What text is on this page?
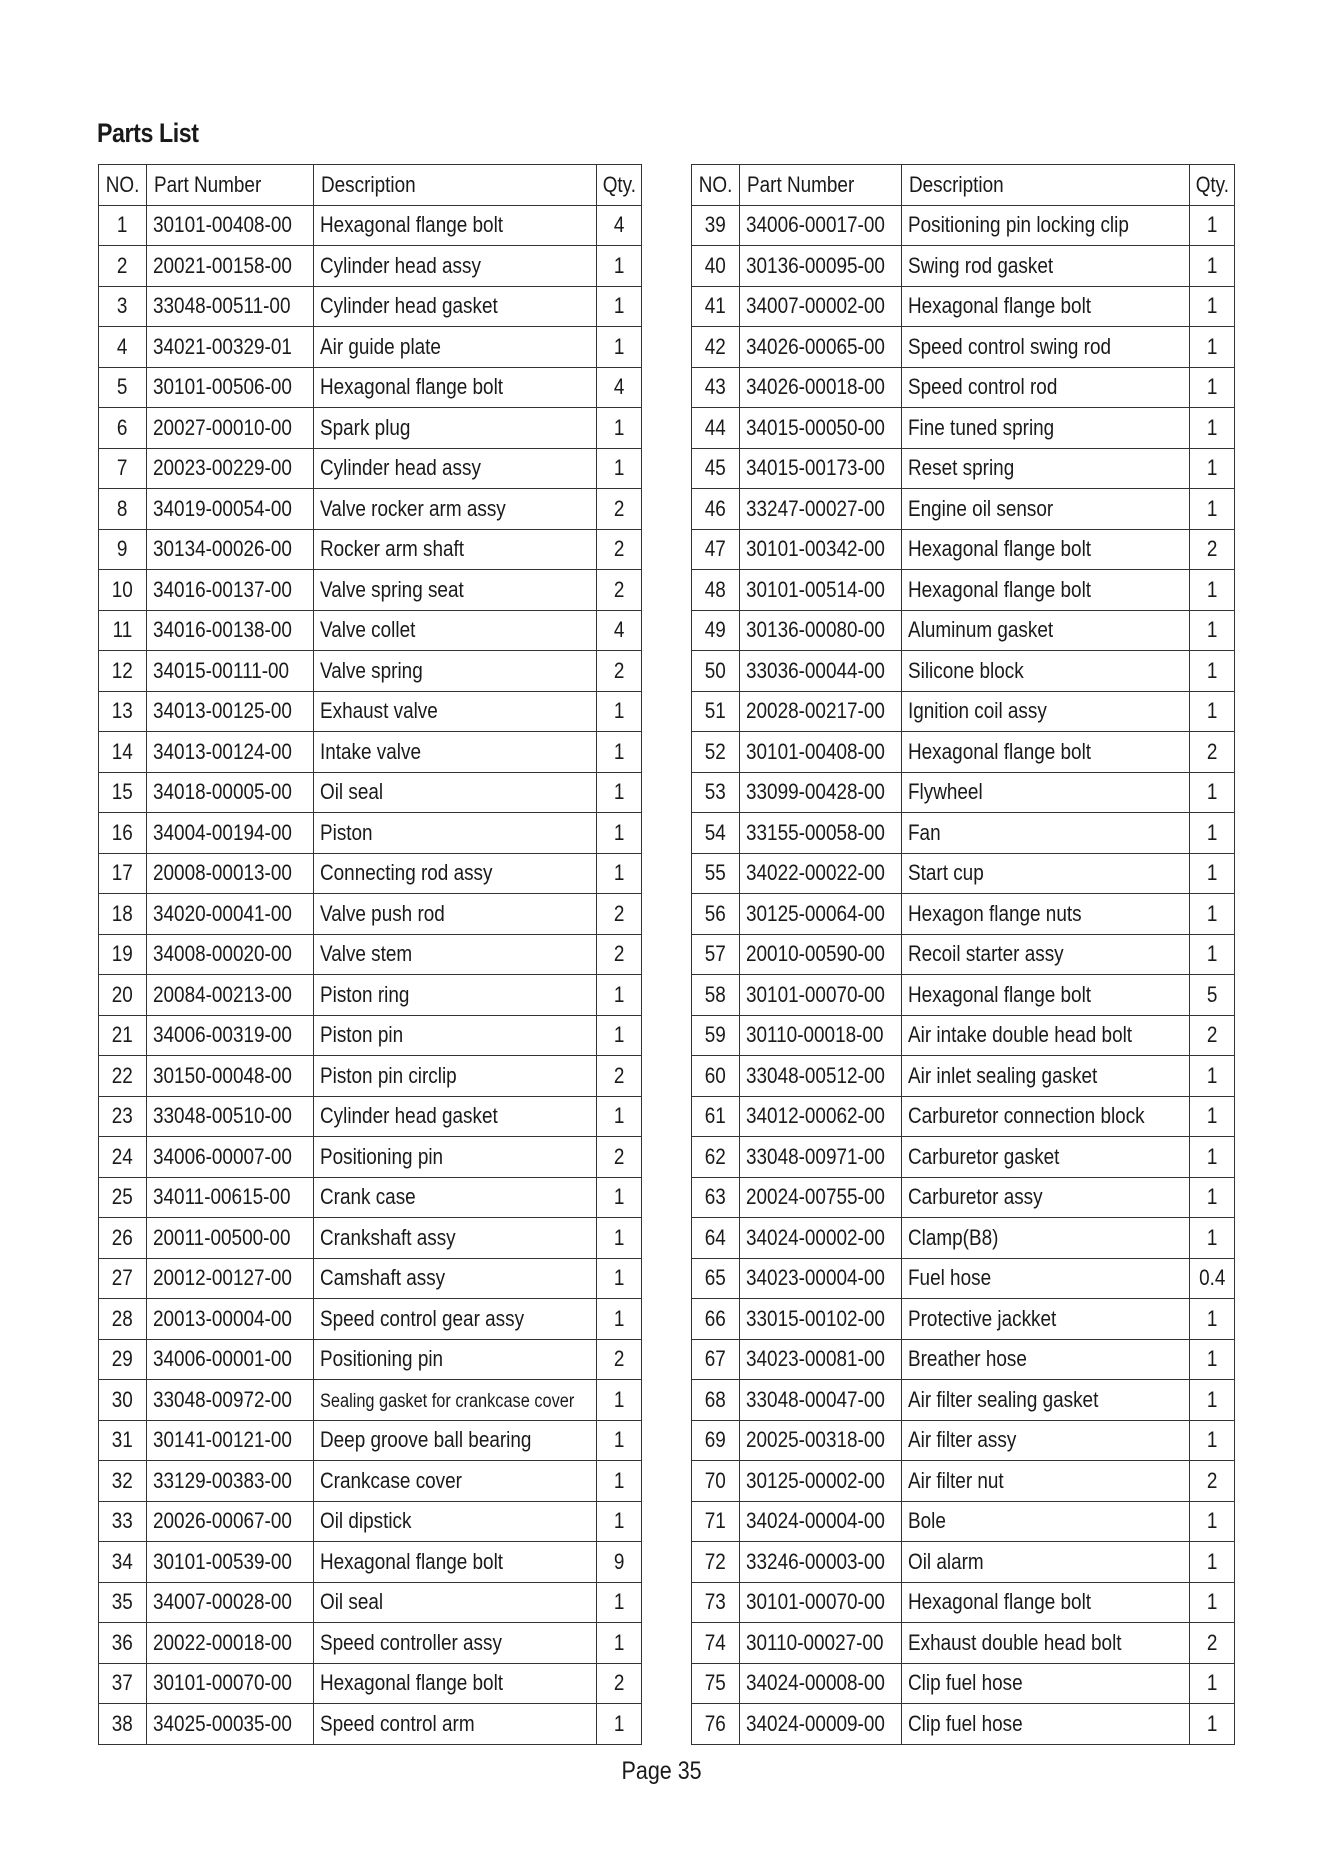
Parts List
NO.	Part Number	Description	Qty.
1	30101-00408-00	Hexagonal flange bolt	4
2	20021-00158-00	Cylinder head assy	1
3	33048-00511-00	Cylinder head gasket	1
4	34021-00329-01	Air guide plate	1
5	30101-00506-00	Hexagonal flange bolt	4
6	20027-00010-00	Spark plug	1
7	20023-00229-00	Cylinder head assy	1
8	34019-00054-00	Valve rocker arm assy	2
9	30134-00026-00	Rocker arm shaft	2
10	34016-00137-00	Valve spring seat	2
11	34016-00138-00	Valve collet	4
12	34015-00111-00	Valve spring	2
13	34013-00125-00	Exhaust valve	1
14	34013-00124-00	Intake valve	1
15	34018-00005-00	Oil seal	1
16	34004-00194-00	Piston	1
17	20008-00013-00	Connecting rod assy	1
18	34020-00041-00	Valve push rod	2
19	34008-00020-00	Valve stem	2
20	20084-00213-00	Piston ring	1
21	34006-00319-00	Piston pin	1
22	30150-00048-00	Piston pin circlip	2
23	33048-00510-00	Cylinder head gasket	1
24	34006-00007-00	Positioning pin	2
25	34011-00615-00	Crank case	1
26	20011-00500-00	Crankshaft assy	1
27	20012-00127-00	Camshaft assy	1
28	20013-00004-00	Speed control gear assy	1
29	34006-00001-00	Positioning pin	2
30	33048-00972-00	Sealing gasket for crankcase cover	1
31	30141-00121-00	Deep groove ball bearing	1
32	33129-00383-00	Crankcase cover	1
33	20026-00067-00	Oil dipstick	1
34	30101-00539-00	Hexagonal flange bolt	9
35	34007-00028-00	Oil seal	1
36	20022-00018-00	Speed controller assy	1
37	30101-00070-00	Hexagonal flange bolt	2
38	34025-00035-00	Speed control arm	1
NO.	Part Number	Description	Qty.
39	34006-00017-00	Positioning pin locking clip	1
40	30136-00095-00	Swing rod gasket	1
41	34007-00002-00	Hexagonal flange bolt	1
42	34026-00065-00	Speed control swing rod	1
43	34026-00018-00	Speed control rod	1
44	34015-00050-00	Fine tuned spring	1
45	34015-00173-00	Reset spring	1
46	33247-00027-00	Engine oil sensor	1
47	30101-00342-00	Hexagonal flange bolt	2
48	30101-00514-00	Hexagonal flange bolt	1
49	30136-00080-00	Aluminum gasket	1
50	33036-00044-00	Silicone block	1
51	20028-00217-00	Ignition coil assy	1
52	30101-00408-00	Hexagonal flange bolt	2
53	33099-00428-00	Flywheel	1
54	33155-00058-00	Fan	1
55	34022-00022-00	Start cup	1
56	30125-00064-00	Hexagon flange nuts	1
57	20010-00590-00	Recoil starter assy	1
58	30101-00070-00	Hexagonal flange bolt	5
59	30110-00018-00	Air intake double head bolt	2
60	33048-00512-00	Air inlet sealing gasket	1
61	34012-00062-00	Carburetor connection block	1
62	33048-00971-00	Carburetor gasket	1
63	20024-00755-00	Carburetor assy	1
64	34024-00002-00	Clamp(B8)	1
65	34023-00004-00	Fuel hose	0.4
66	33015-00102-00	Protective jackket	1
67	34023-00081-00	Breather hose	1
68	33048-00047-00	Air filter sealing gasket	1
69	20025-00318-00	Air filter assy	1
70	30125-00002-00	Air filter nut	2
71	34024-00004-00	Bole	1
72	33246-00003-00	Oil alarm	1
73	30101-00070-00	Hexagonal flange bolt	1
74	30110-00027-00	Exhaust double head bolt	2
75	34024-00008-00	Clip fuel hose	1
76	34024-00009-00	Clip fuel hose	1
Page 35
